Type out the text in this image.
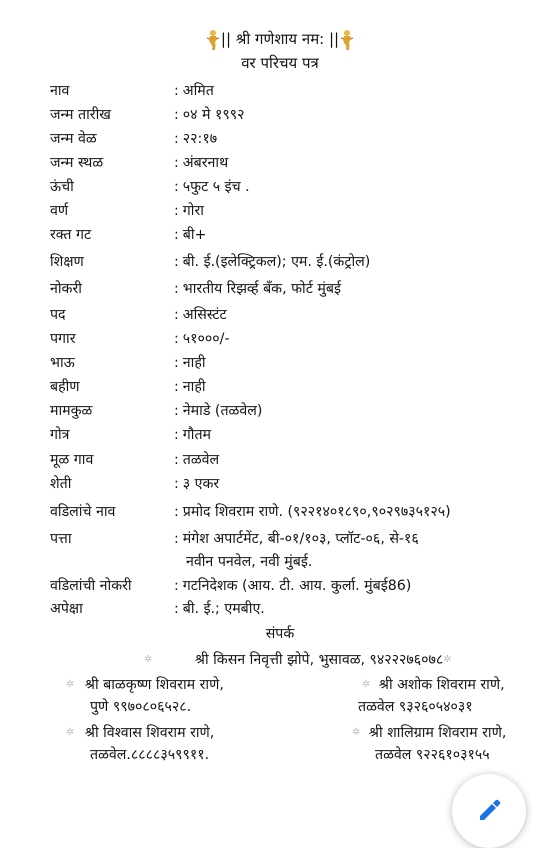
|| श्री गणेशाय नम: ||
वर परिचय पत्र
नाव	: अमित
जन्म तारीख	: ०४ मे १९९२
जन्म वेळ	: २२:१७
जन्म स्थळ	: अंबरनाथ
ऊंची	: ५फुट ५ इंच .
वर्ण	: गोरा
रक्त गट	: बी+
शिक्षण	: बी. ई.(इलेक्ट्रिकल); एम. ई.(कंट्रोल)
नोकरी	: भारतीय रिझर्व्ह बँक, फोर्ट मुंबई
पद	: असिस्टंट
पगार	: ५१०००/-
भाऊ	: नाही
बहीण	: नाही
मामकुळ	: नेमाडे (तळवेल)
गोत्र	: गौतम
मूळ गाव	: तळवेल
शेती	: ३ एकर
वडिलांचे नाव	: प्रमोद शिवराम राणे. (९२२१४०१८९०,९०२९७३५१२५)
पत्ता	: मंगेश अपार्टमेंट, बी-०१/१०३, प्लॉट-०६, से-१६
नवीन पनवेल, नवी मुंबई.
वडिलांची नोकरी	: गटनिदेशक (आय. टी. आय. कुर्ला. मुंबई86)
अपेक्षा	: बी. ई.; एमबीए.
संपर्क
✲	श्री किसन निवृत्ती झोपे, भुसावळ, ९४२२२७६०७८✲
✲ श्री बाळकृष्ण शिवराम राणे,
पुणे ९९७०८०६५२८.
✲ श्री अशोक शिवराम राणे,
तळवेल ९३२६०५४०३१
✲ श्री विश्वास शिवराम राणे,
तळवेल.८८८८३५९९११.
✲ श्री शालिग्राम शिवराम राणे,
तळवेल ९२२६१०३१५५
